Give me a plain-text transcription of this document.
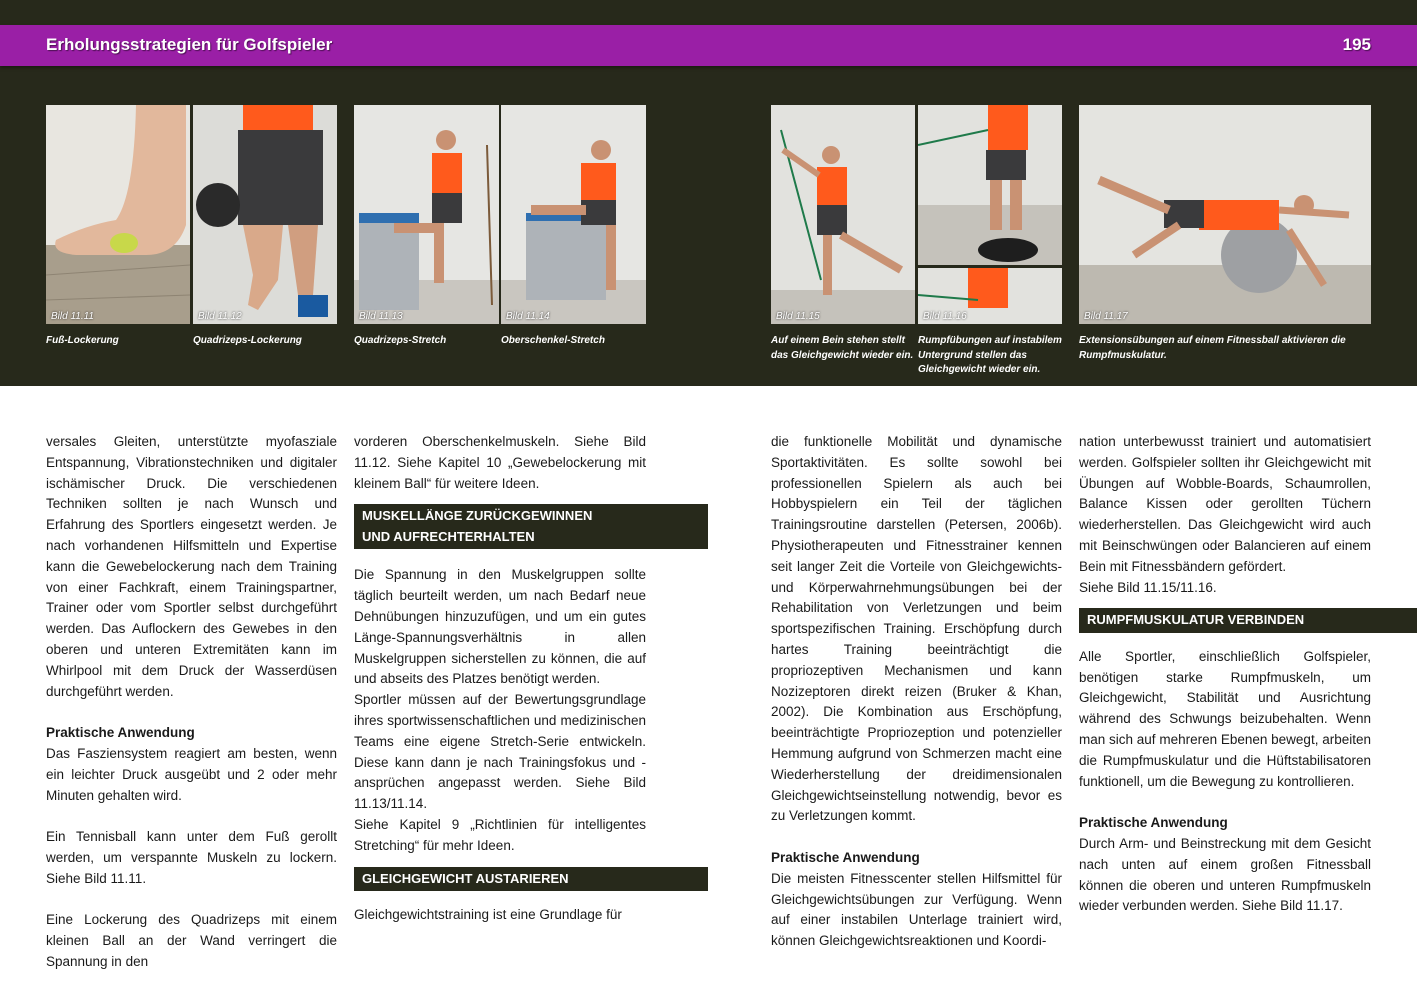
Erholungsstrategien für Golfspieler	195
Bild 11.11	Bild 11.12	Bild 11.13	Bild 11.14	Bild 11.15	Bild 11.16	Bild 11.17
Fuß-Lockerung	Quadrizeps-Lockerung	Quadrizeps-Stretch	Oberschenkel-Stretch	Auf einem Bein stehen stellt das Gleichgewicht wieder ein.
Rumpfübungen auf instabilem Untergrund stellen das Gleichgewicht wieder ein.
Extensionsübungen auf einem Fitnessball aktivieren die Rumpfmuskulatur.

versales Gleiten, unterstützte myofasziale Entspannung, Vibrationstechniken und digitaler ischämischer Druck. Die verschiedenen Techniken sollten je nach Wunsch und Erfahrung des Sportlers eingesetzt werden. Je nach vorhandenen Hilfsmitteln und Expertise kann die Gewebelockerung nach dem Training von einer Fachkraft, einem Trainingspartner, Trainer oder vom Sportler selbst durchgeführt werden. Das Auflockern des Gewebes in den oberen und unteren Extremitäten kann im Whirlpool mit dem Druck der Wasserdüsen durchgeführt werden.

Praktische Anwendung

Das Fasziensystem reagiert am besten, wenn ein leichter Druck ausgeübt und 2 oder mehr Minuten gehalten wird.

Ein Tennisball kann unter dem Fuß gerollt werden, um verspannte Muskeln zu lockern. Siehe Bild 11.11.

Eine Lockerung des Quadrizeps mit einem kleinen Ball an der Wand verringert die Spannung in den

vorderen Oberschenkelmuskeln. Siehe Bild 11.12. Siehe Kapitel 10 „Gewebelockerung mit kleinem Ball“ für weitere Ideen.

MUSKELLÄNGE ZURÜCKGEWINNEN
UND AUFRECHTERHALTEN

Die Spannung in den Muskelgruppen sollte täglich beurteilt werden, um nach Bedarf neue Dehnübungen hinzuzufügen, und um ein gutes Länge-Spannungsverhältnis in allen Muskelgruppen sicherstellen zu können, die auf und abseits des Platzes benötigt werden.

Sportler müssen auf der Bewertungsgrundlage ihres sportwissenschaftlichen und medizinischen Teams eine eigene Stretch-Serie entwickeln. Diese kann dann je nach Trainingsfokus und -ansprüchen angepasst werden. Siehe Bild 11.13/11.14.

Siehe Kapitel 9 „Richtlinien für intelligentes Stretching“ für mehr Ideen.

GLEICHGEWICHT AUSTARIEREN

Gleichgewichtstraining ist eine Grundlage für

die funktionelle Mobilität und dynamische Sportaktivitäten. Es sollte sowohl bei professionellen Spielern als auch bei Hobbyspielern ein Teil der täglichen Trainingsroutine darstellen (Petersen, 2006b). Physiotherapeuten und Fitnesstrainer kennen seit langer Zeit die Vorteile von Gleichgewichts- und Körperwahrnehmungsübungen bei der Rehabilitation von Verletzungen und beim sportspezifischen Training. Erschöpfung durch hartes Training beeinträchtigt die propriozeptiven Mechanismen und kann Nozizeptoren direkt reizen (Bruker & Khan, 2002). Die Kombination aus Erschöpfung, beeinträchtigte Propriozeption und potenzieller Hemmung aufgrund von Schmerzen macht eine Wiederherstellung der dreidimensionalen Gleichgewichtseinstellung notwendig, bevor es zu Verletzungen kommt.

Praktische Anwendung

Die meisten Fitnesscenter stellen Hilfsmittel für Gleichgewichtsübungen zur Verfügung. Wenn auf einer instabilen Unterlage trainiert wird, können Gleichgewichtsreaktionen und Koordi-

nation unterbewusst trainiert und automatisiert werden. Golfspieler sollten ihr Gleichgewicht mit Übungen auf Wobble-Boards, Schaumrollen, Balance Kissen oder gerollten Tüchern wiederherstellen. Das Gleichgewicht wird auch mit Beinschwüngen oder Balancieren auf einem Bein mit Fitnessbändern gefördert.

Siehe Bild 11.15/11.16.

RUMPFMUSKULATUR VERBINDEN

Alle Sportler, einschließlich Golfspieler, benötigen starke Rumpfmuskeln, um Gleichgewicht, Stabilität und Ausrichtung während des Schwungs beizubehalten. Wenn man sich auf mehreren Ebenen bewegt, arbeiten die Rumpfmuskulatur und die Hüftstabilisatoren funktionell, um die Bewegung zu kontrollieren.

Praktische Anwendung

Durch Arm- und Beinstreckung mit dem Gesicht nach unten auf einem großen Fitnessball können die oberen und unteren Rumpfmuskeln wieder verbunden werden. Siehe Bild 11.17.
